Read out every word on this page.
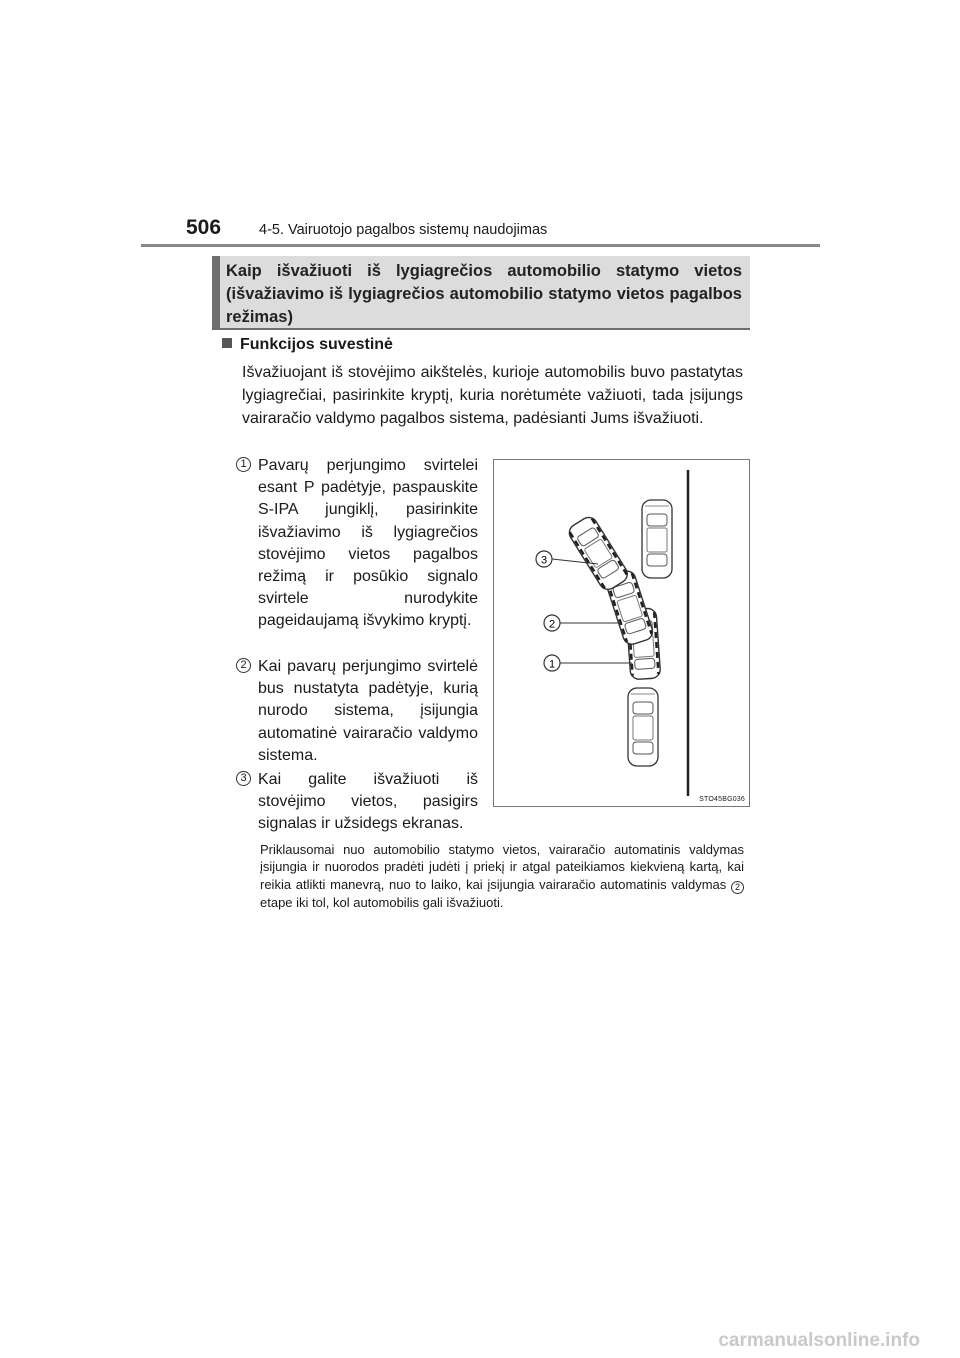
506	4-5. Vairuotojo pagalbos sistemų naudojimas
Kaip išvažiuoti iš lygiagrečios automobilio statymo vietos (išvažiavimo iš lygiagrečios automobilio statymo vietos pagalbos režimas)
Funkcijos suvestinė
Išvažiuojant iš stovėjimo aikštelės, kurioje automobilis buvo pastatytas lygiagrečiai, pasirinkite kryptį, kuria norėtumėte važiuoti, tada įsijungs vairaračio valdymo pagalbos sistema, padėsianti Jums išvažiuoti.
1 Pavarų perjungimo svirtelei esant P padėtyje, paspauskite S-IPA jungiklį, pasirinkite išvažiavimo iš lygiagrečios stovėjimo vietos pagalbos režimą ir posūkio signalo svirtele nurodykite pageidaujamą išvykimo kryptį.
2 Kai pavarų perjungimo svirtelė bus nustatyta padėtyje, kurią nurodo sistema, įsijungia automatinė vairaračio valdymo sistema.
3 Kai galite išvažiuoti iš stovėjimo vietos, pasigirs signalas ir užsidegs ekranas.
3
2
1
STO45BG036
Priklausomai nuo automobilio statymo vietos, vairaračio automatinis valdymas įsijungia ir nuorodos pradėti judėti į priekį ir atgal pateikiamos kiekvieną kartą, kai reikia atlikti manevrą, nuo to laiko, kai įsijungia vairaračio automatinis valdymas 2 etape iki tol, kol automobilis gali išvažiuoti.
carmanualsonline.info
